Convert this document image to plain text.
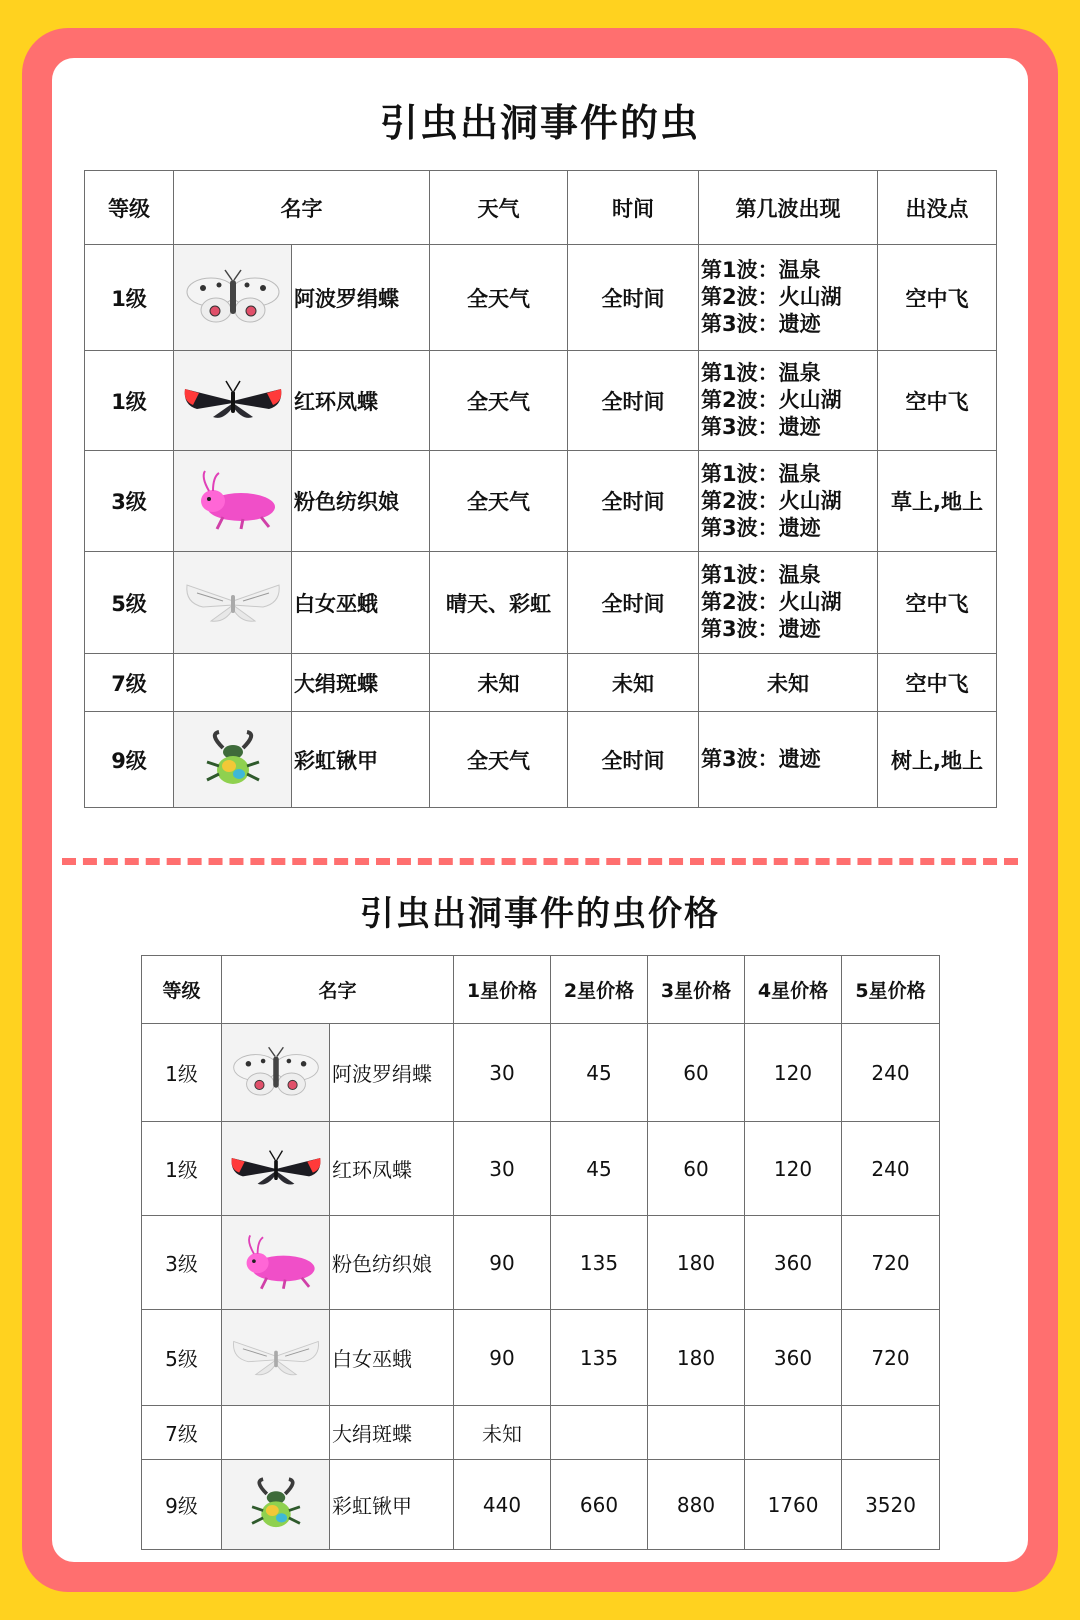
引虫出洞事件的虫
等级	名字		天气	时间	第几波出现	出没点
1级		阿波罗绢蝶	全天气	全时间	第1波：温泉
第2波：火山湖
第3波：遗迹	空中飞
1级		红环凤蝶	全天气	全时间	第1波：温泉
第2波：火山湖
第3波：遗迹	空中飞
3级		粉色纺织娘	全天气	全时间	第1波：温泉
第2波：火山湖
第3波：遗迹	草上,地上
5级		白女巫蛾	晴天、彩虹	全时间	第1波：温泉
第2波：火山湖
第3波：遗迹	空中飞
7级		大绢斑蝶	未知	未知	未知	空中飞
9级		彩虹锹甲	全天气	全时间	第3波：遗迹	树上,地上
引虫出洞事件的虫价格
等级	名字		1星价格	2星价格	3星价格	4星价格	5星价格
1级		阿波罗绢蝶	30	45	60	120	240
1级		红环凤蝶	30	45	60	120	240
3级		粉色纺织娘	90	135	180	360	720
5级		白女巫蛾	90	135	180	360	720
7级		大绢斑蝶	未知				
9级		彩虹锹甲	440	660	880	1760	3520
